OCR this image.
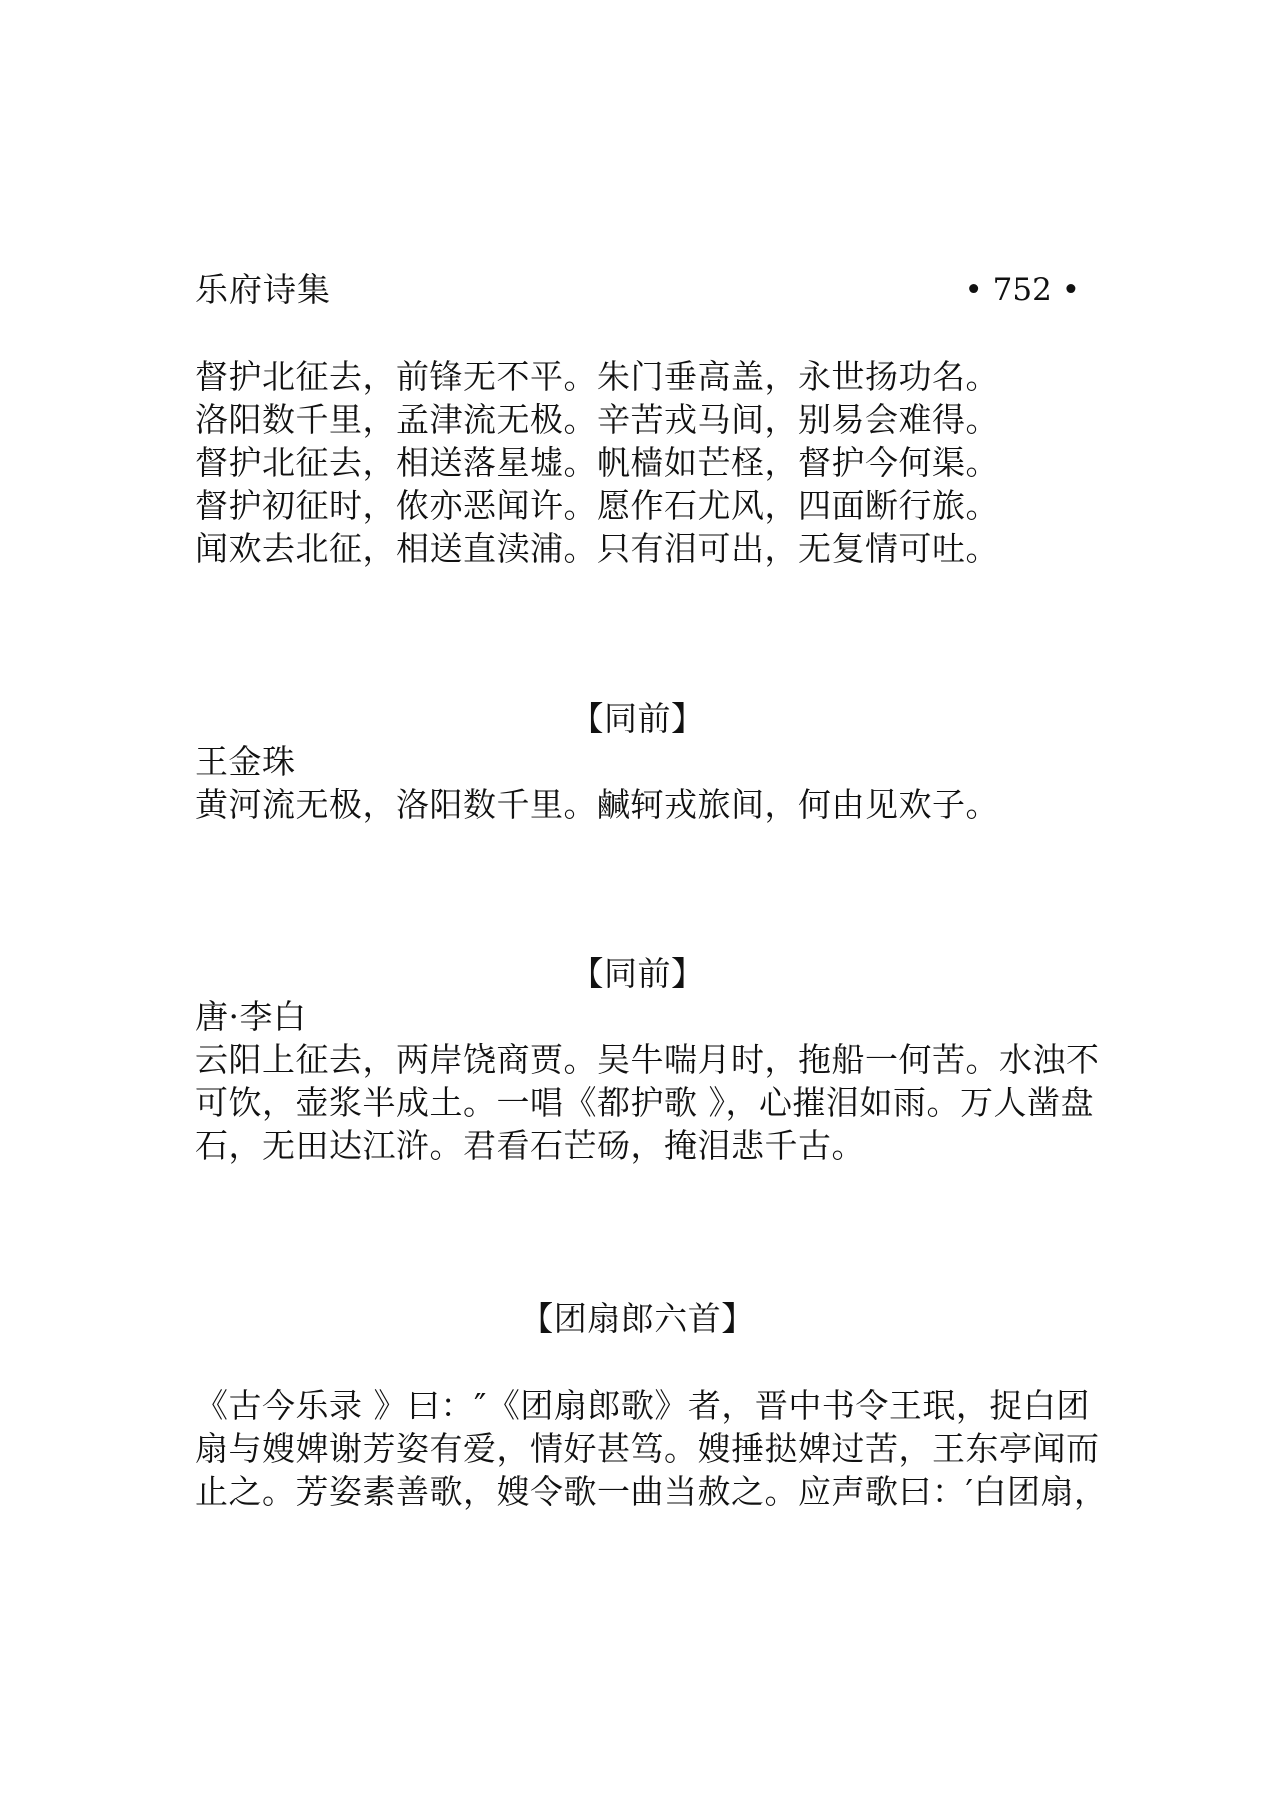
乐府诗集	• 752 •
督护北征去，前锋无不平。朱门垂高盖，永世扬功名。
洛阳数千里，孟津流无极。辛苦戎马间，别易会难得。
督护北征去，相送落星墟。帆樯如芒柽，督护今何渠。
督护初征时，侬亦恶闻许。愿作石尤风，四面断行旅。
闻欢去北征，相送直渎浦。只有泪可出，无复情可吐。
【同前】
王金珠
黄河流无极，洛阳数千里。鹹轲戎旅间，何由见欢子。
【同前】
唐·李白
云阳上征去，两岸饶商贾。吴牛喘月时，拖船一何苦。水浊不
可饮，壶浆半成土。一唱《都护歌 》，心摧泪如雨。万人凿盘
石，无田达江浒。君看石芒砀，掩泪悲千古。
【团扇郎六首】
《古今乐录 》曰：″《团扇郎歌》者，晋中书令王珉，捉白团
扇与嫂婢谢芳姿有爱，情好甚笃。嫂捶挞婢过苦，王东亭闻而
止之。芳姿素善歌，嫂令歌一曲当赦之。应声歌曰：′白团扇，
